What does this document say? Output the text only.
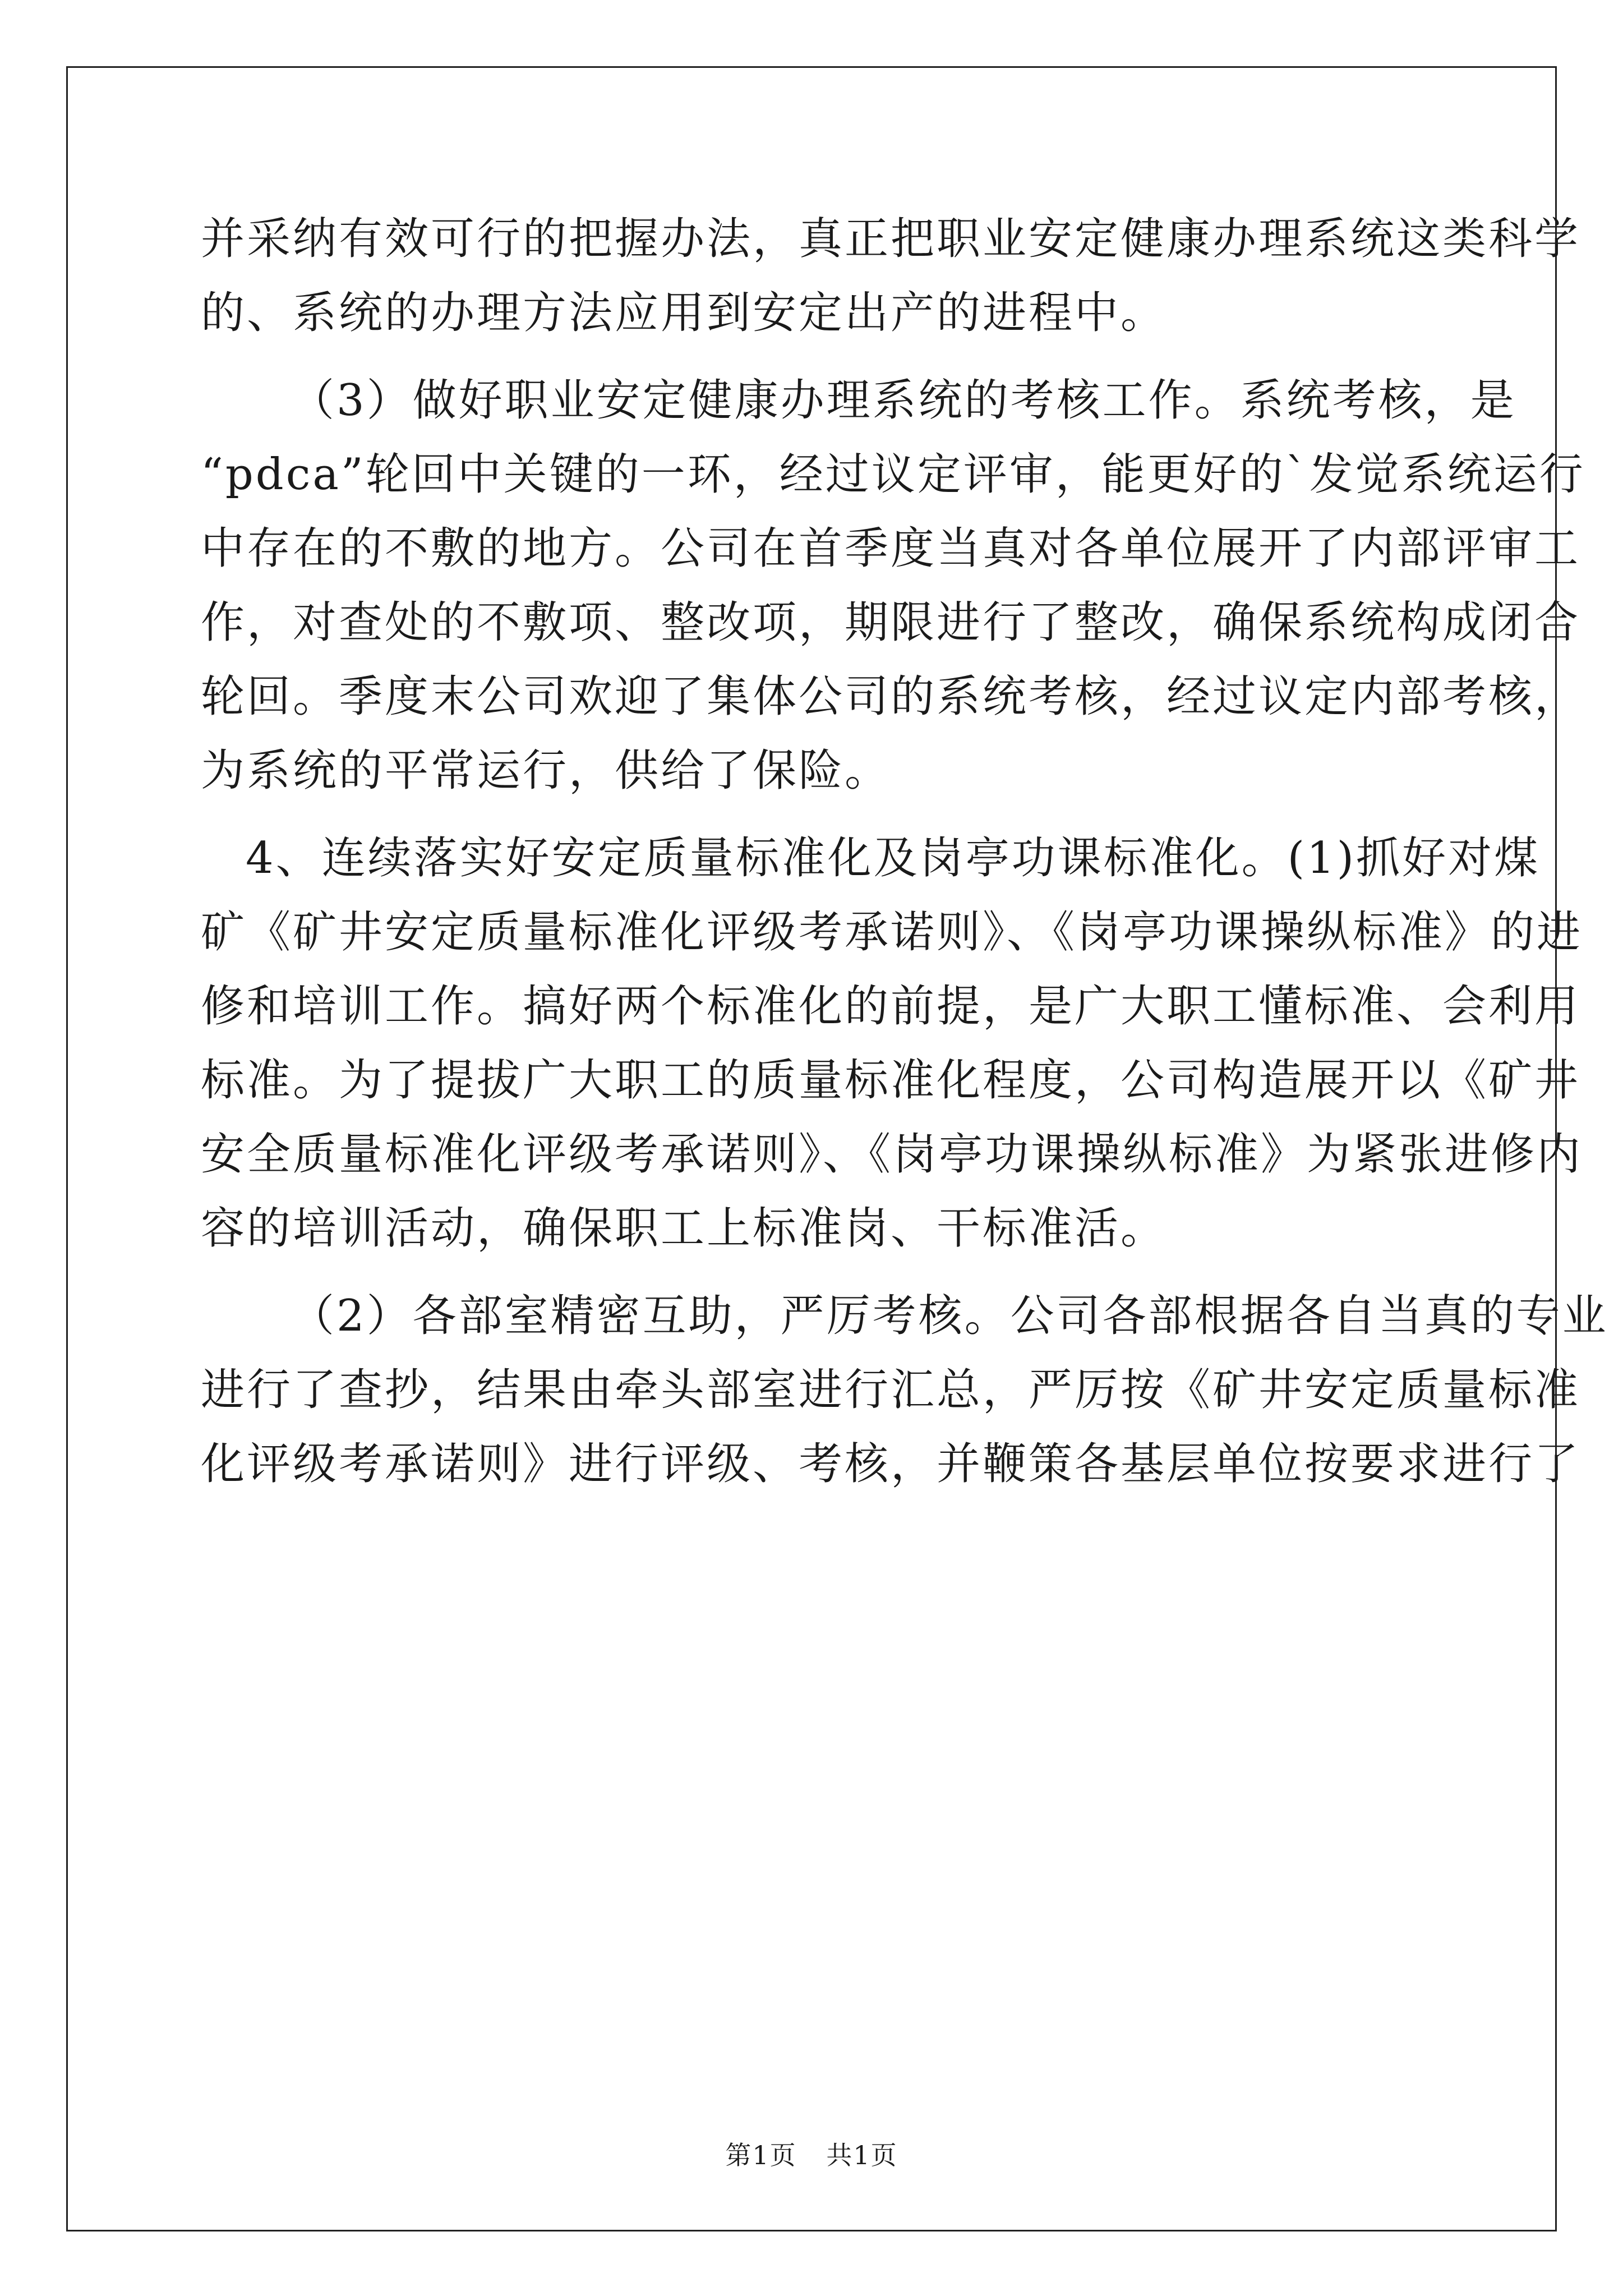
并采纳有效可行的把握办法，真正把职业安定健康办理系统这类科学
的、系统的办理方法应用到安定出产的进程中。

（3）做好职业安定健康办理系统的考核工作。系统考核，是
“pdca”轮回中关键的一环，经过议定评审，能更好的`发觉系统运行
中存在的不敷的地方。公司在首季度当真对各单位展开了内部评审工
作，对查处的不敷项、整改项，期限进行了整改，确保系统构成闭合
轮回。季度末公司欢迎了集体公司的系统考核，经过议定内部考核，
为系统的平常运行，供给了保险。

4、连续落实好安定质量标准化及岗亭功课标准化。(1)抓好对煤
矿《矿井安定质量标准化评级考承诺则》、《岗亭功课操纵标准》的进
修和培训工作。搞好两个标准化的前提，是广大职工懂标准、会利用
标准。为了提拔广大职工的质量标准化程度，公司构造展开以《矿井
安全质量标准化评级考承诺则》、《岗亭功课操纵标准》为紧张进修内
容的培训活动，确保职工上标准岗、干标准活。

（2）各部室精密互助，严厉考核。公司各部根据各自当真的专业
进行了查抄，结果由牵头部室进行汇总，严厉按《矿井安定质量标准
化评级考承诺则》进行评级、考核，并鞭策各基层单位按要求进行了

第1页 共1页
